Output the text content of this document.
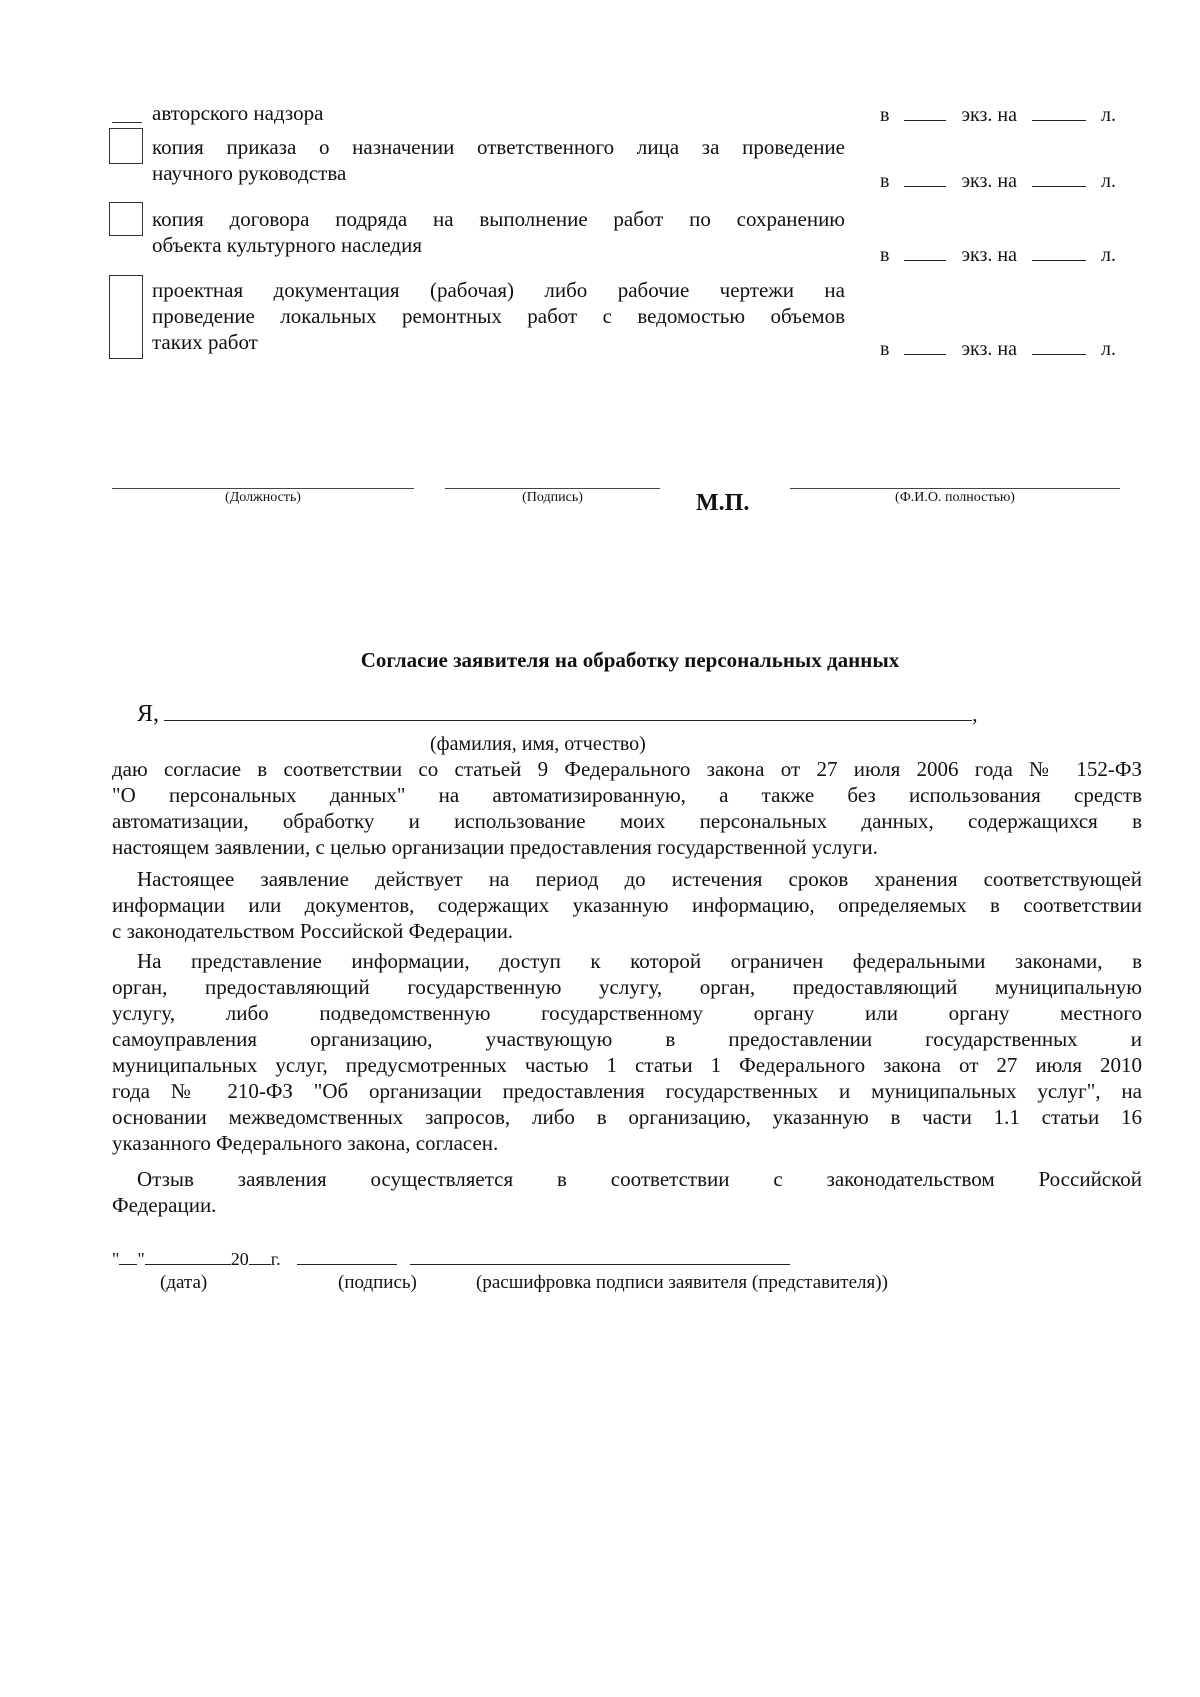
авторского надзора	в	экз. на	л.
копия приказа о назначении ответственного лица за проведение
научного руководства	в	экз. на	л.
копия договора подряда на выполнение работ по сохранению
объекта культурного наследия	в	экз. на	л.
проектная документация (рабочая) либо рабочие чертежи на
проведение локальных ремонтных работ с ведомостью объемов
таких работ	в	экз. на	л.
(Должность)	(Подпись)	М.П.	(Ф.И.О. полностью)
Согласие заявителя на обработку персональных данных
Я,	,
(фамилия, имя, отчество)
даю согласие в соответствии со статьей 9 Федерального закона от 27 июля 2006 года № 152-ФЗ
"О персональных данных" на автоматизированную, а также без использования средств
автоматизации, обработку и использование моих персональных данных, содержащихся в
настоящем заявлении, с целью организации предоставления государственной услуги.
Настоящее заявление действует на период до истечения сроков хранения соответствующей
информации или документов, содержащих указанную информацию, определяемых в соответствии
с законодательством Российской Федерации.
На представление информации, доступ к которой ограничен федеральными законами, в
орган, предоставляющий государственную услугу, орган, предоставляющий муниципальную
услугу, либо подведомственную государственному органу или органу местного
самоуправления организацию, участвующую в предоставлении государственных и
муниципальных услуг, предусмотренных частью 1 статьи 1 Федерального закона от 27 июля 2010
года № 210-ФЗ "Об организации предоставления государственных и муниципальных услуг", на
основании межведомственных запросов, либо в организацию, указанную в части 1.1 статьи 16
указанного Федерального закона, согласен.
Отзыв заявления осуществляется в соответствии с законодательством Российской
Федерации.
" "	20 г.
(дата)	(подпись)	(расшифровка подписи заявителя (представителя))
